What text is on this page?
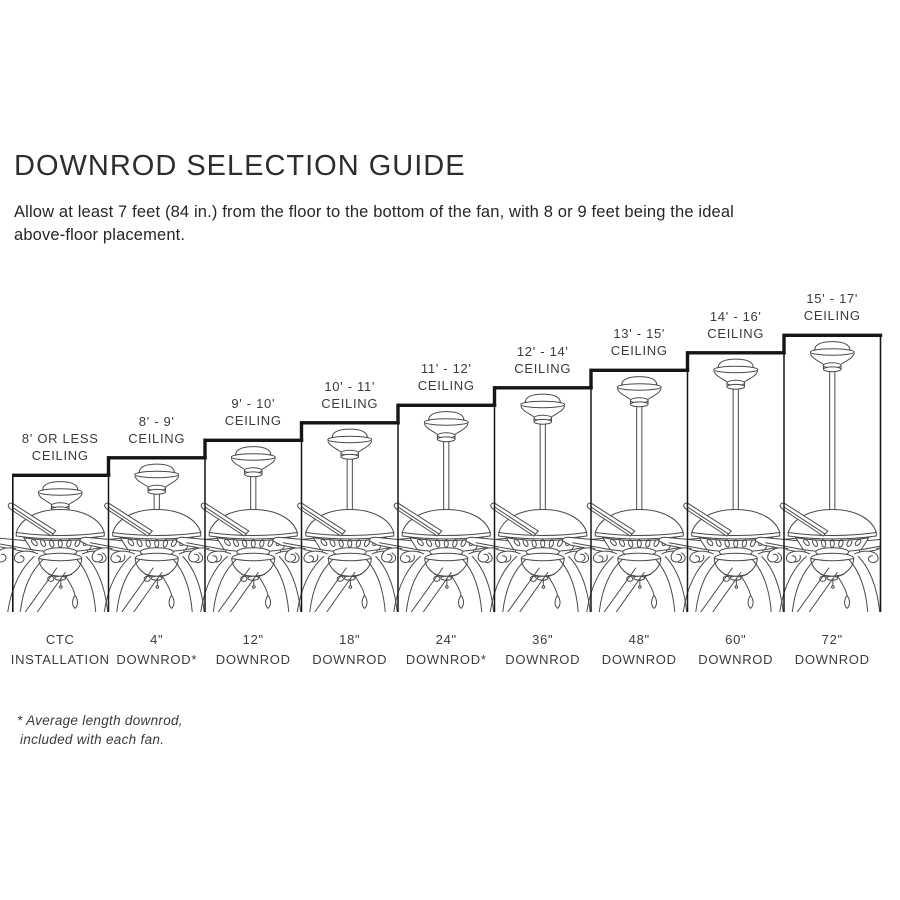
DOWNROD SELECTION GUIDE

Allow at least 7 feet (84 in.) from the floor to the bottom of the fan, with 8 or 9 feet being the ideal
above-floor placement.

8' OR LESS
CEILING
CTC
INSTALLATION
8' - 9'
CEILING
4"
DOWNROD*
9' - 10'
CEILING
12"
DOWNROD
10' - 11'
CEILING
18"
DOWNROD
11' - 12'
CEILING
24"
DOWNROD*
12' - 14'
CEILING
36"
DOWNROD
13' - 15'
CEILING
48"
DOWNROD
14' - 16'
CEILING
60"
DOWNROD
15' - 17'
CEILING
72"
DOWNROD

* Average length downrod,
included with each fan.
